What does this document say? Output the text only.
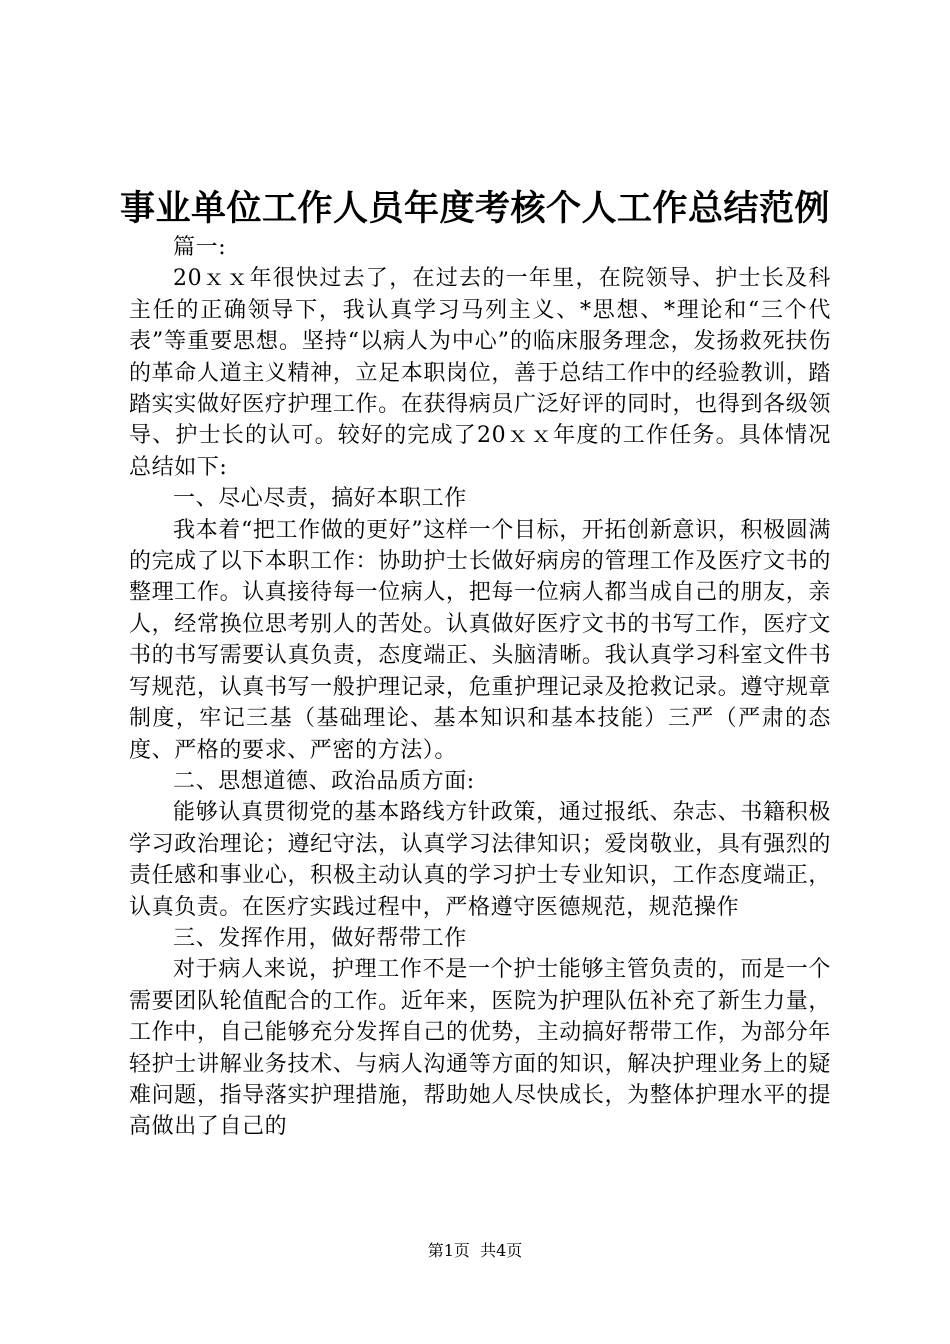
事业单位工作人员年度考核个人工作总结范例

篇一:

20ｘｘ年很快过去了，在过去的一年里，在院领导、护士长及科主任的正确领导下，我认真学习马列主义、*思想、*理论和“三个代表”等重要思想。坚持“以病人为中心”的临床服务理念，发扬救死扶伤的革命人道主义精神，立足本职岗位，善于总结工作中的经验教训，踏踏实实做好医疗护理工作。在获得病员广泛好评的同时，也得到各级领导、护士长的认可。较好的完成了20ｘｘ年度的工作任务。具体情况总结如下:

一、尽心尽责，搞好本职工作

我本着“把工作做的更好”这样一个目标，开拓创新意识，积极圆满的完成了以下本职工作：协助护士长做好病房的管理工作及医疗文书的整理工作。认真接待每一位病人，把每一位病人都当成自己的朋友，亲人，经常换位思考别人的苦处。认真做好医疗文书的书写工作，医疗文书的书写需要认真负责，态度端正、头脑清晰。我认真学习科室文件书写规范，认真书写一般护理记录，危重护理记录及抢救记录。遵守规章制度，牢记三基（基础理论、基本知识和基本技能）三严（严肃的态度、严格的要求、严密的方法）。

二、思想道德、政治品质方面:

能够认真贯彻党的基本路线方针政策，通过报纸、杂志、书籍积极学习政治理论；遵纪守法，认真学习法律知识；爱岗敬业，具有强烈的责任感和事业心，积极主动认真的学习护士专业知识，工作态度端正，认真负责。在医疗实践过程中，严格遵守医德规范，规范操作

三、发挥作用，做好帮带工作

对于病人来说，护理工作不是一个护士能够主管负责的，而是一个需要团队轮值配合的工作。近年来，医院为护理队伍补充了新生力量，工作中，自己能够充分发挥自己的优势，主动搞好帮带工作，为部分年轻护士讲解业务技术、与病人沟通等方面的知识，解决护理业务上的疑难问题，指导落实护理措施，帮助她人尽快成长，为整体护理水平的提高做出了自己的

第1页  共4页
